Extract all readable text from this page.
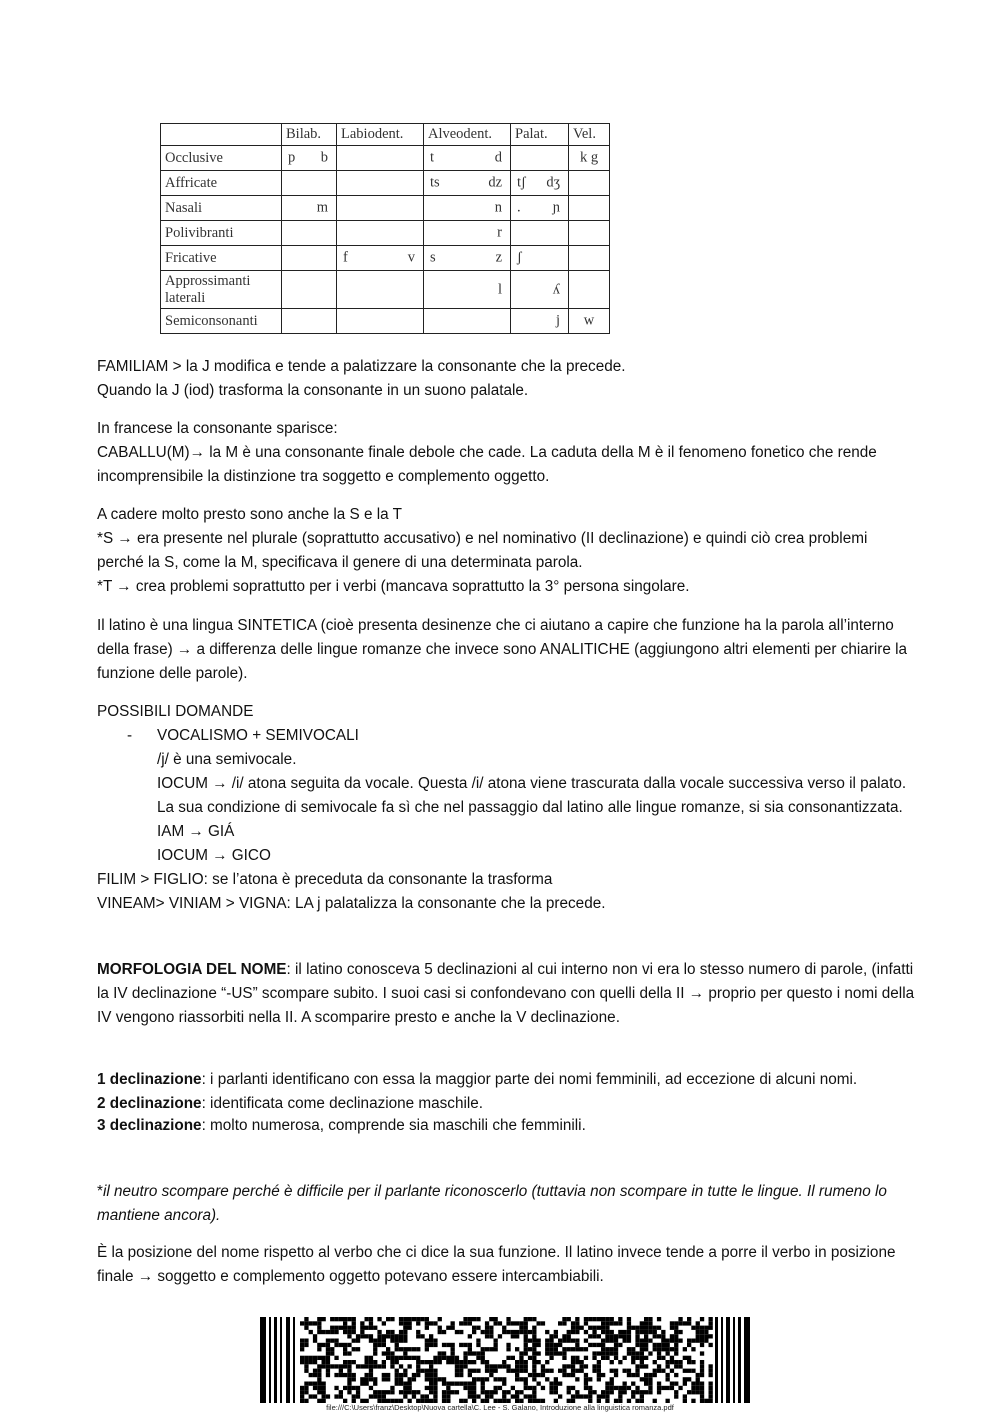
	Bilab.	Labiodent.	Alveodent.	Palat.	Vel.
Occlusive	p b		t d		k g

Affricate			ts dz	tʃ dʒ	

Nasali	m		n	. ɲ	

Polivibranti			r		

Fricative		f v	s z	ʃ	

Approssimanti laterali			l	ʎ	

Semiconsonanti				j	w

FAMILIAM > la J modifica e tende a palatizzare la consonante che la precede.

Quando la J (iod) trasforma la consonante in un suono palatale.

In francese la consonante sparisce:

CABALLU(M)→ la M è una consonante finale debole che cade. La caduta della M è il fenomeno fonetico che rende incomprensibile la distinzione tra soggetto e complemento oggetto.

A cadere molto presto sono anche la S e la T

*S → era presente nel plurale (soprattutto accusativo) e nel nominativo (II declinazione) e quindi ciò crea problemi perché la S, come la M, specificava il genere di una determinata parola.

*T → crea problemi soprattutto per i verbi (mancava soprattutto la 3° persona singolare.

Il latino è una lingua SINTETICA (cioè presenta desinenze che ci aiutano a capire che funzione ha la parola all’interno della frase) → a differenza delle lingue romanze che invece sono ANALITICHE (aggiungono altri elementi per chiarire la funzione delle parole).

POSSIBILI DOMANDE

- VOCALISMO + SEMIVOCALI

/j/ è una semivocale.

IOCUM → /i/ atona seguita da vocale. Questa /i/ atona viene trascurata dalla vocale successiva verso il palato. La sua condizione di semivocale fa sì che nel passaggio dal latino alle lingue romanze, si sia consonantizzata.

IAM → GIÁ

IOCUM → GICO

FILIM > FIGLIO: se l’atona è preceduta da consonante la trasforma

VINEAM> VINIAM > VIGNA: LA j palatalizza la consonante che la precede.

MORFOLOGIA DEL NOME: il latino conosceva 5 declinazioni al cui interno non vi era lo stesso numero di parole, (infatti la IV declinazione “-US” scompare subito. I suoi casi si confondevano con quelli della II → proprio per questo i nomi della IV vengono riassorbiti nella II. A scomparire presto e anche la V declinazione.

1 declinazione: i parlanti identificano con essa la maggior parte dei nomi femminili, ad eccezione di alcuni nomi.

2 declinazione: identificata come declinazione maschile.

3 declinazione: molto numerosa, comprende sia maschili che femminili.

*il neutro scompare perché è difficile per il parlante riconoscerlo (tuttavia non scompare in tutte le lingue. Il rumeno lo mantiene ancora).

È la posizione del nome rispetto al verbo che ci dice la sua funzione. Il latino invece tende a porre il verbo in posizione finale → soggetto e complemento oggetto potevano essere intercambiabili.

file:///C:\Users\franz\Desktop\Nuova cartella\C. Lee - S. Galano, Introduzione alla linguistica romanza.pdf
